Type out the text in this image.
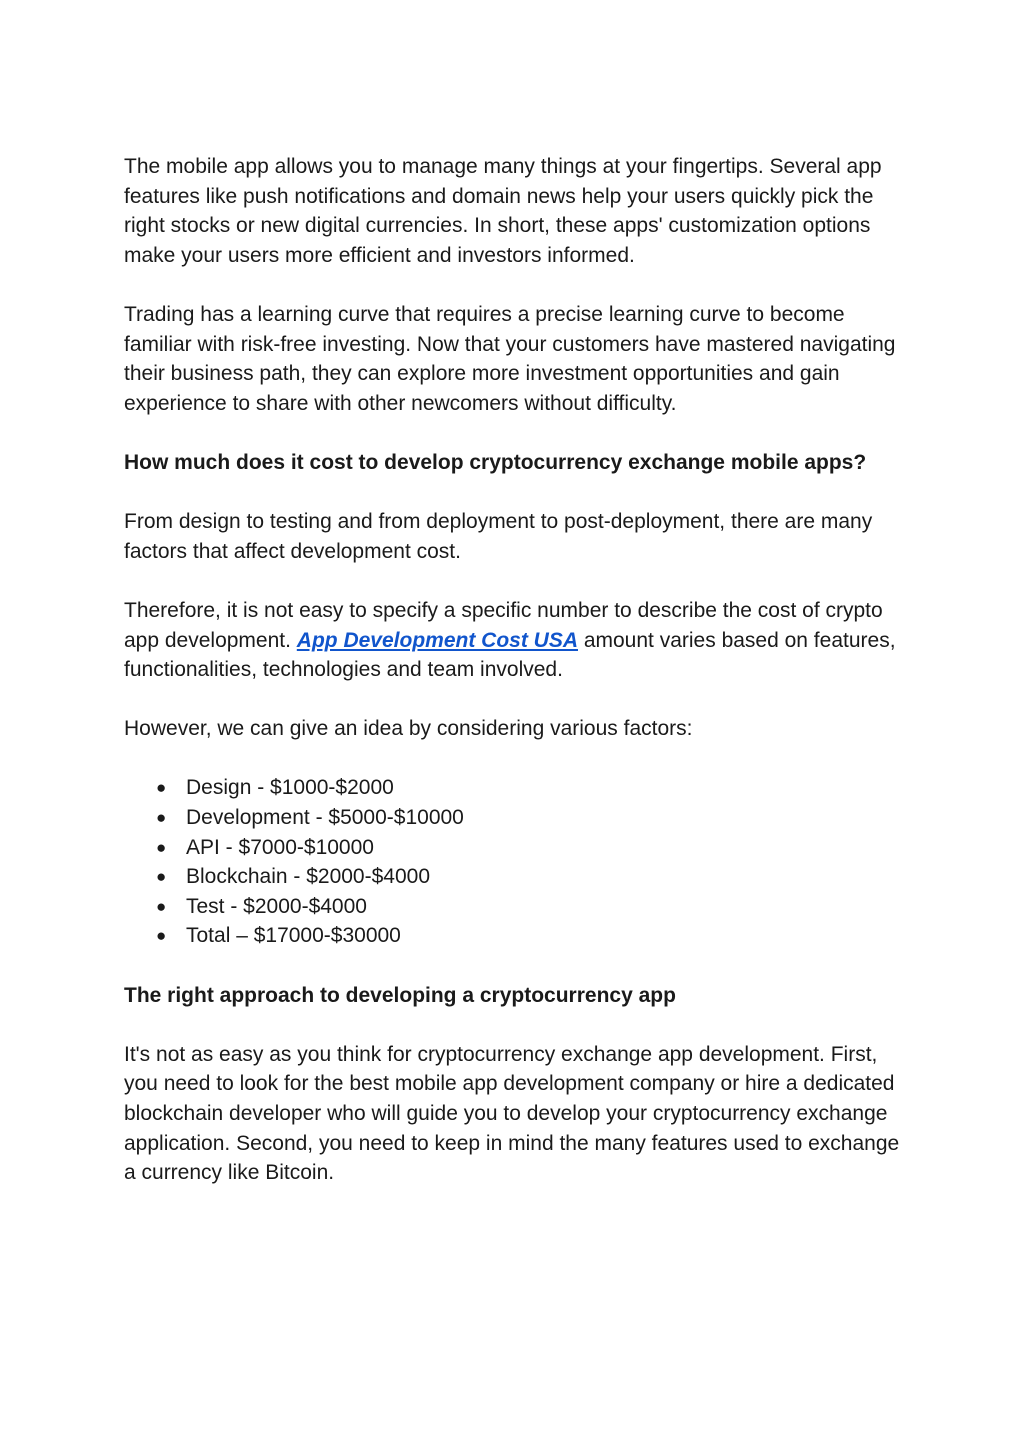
The mobile app allows you to manage many things at your fingertips. Several app features like push notifications and domain news help your users quickly pick the right stocks or new digital currencies. In short, these apps' customization options make your users more efficient and investors informed.

Trading has a learning curve that requires a precise learning curve to become familiar with risk-free investing. Now that your customers have mastered navigating their business path, they can explore more investment opportunities and gain experience to share with other newcomers without difficulty.

How much does it cost to develop cryptocurrency exchange mobile apps?

From design to testing and from deployment to post-deployment, there are many factors that affect development cost.

Therefore, it is not easy to specify a specific number to describe the cost of crypto app development. App Development Cost USA amount varies based on features, functionalities, technologies and team involved.

However, we can give an idea by considering various factors:

● Design - $1000-$2000
● Development - $5000-$10000
● API - $7000-$10000
● Blockchain - $2000-$4000
● Test - $2000-$4000
● Total – $17000-$30000
The right approach to developing a cryptocurrency app

It's not as easy as you think for cryptocurrency exchange app development. First, you need to look for the best mobile app development company or hire a dedicated blockchain developer who will guide you to develop your cryptocurrency exchange application. Second, you need to keep in mind the many features used to exchange a currency like Bitcoin.
